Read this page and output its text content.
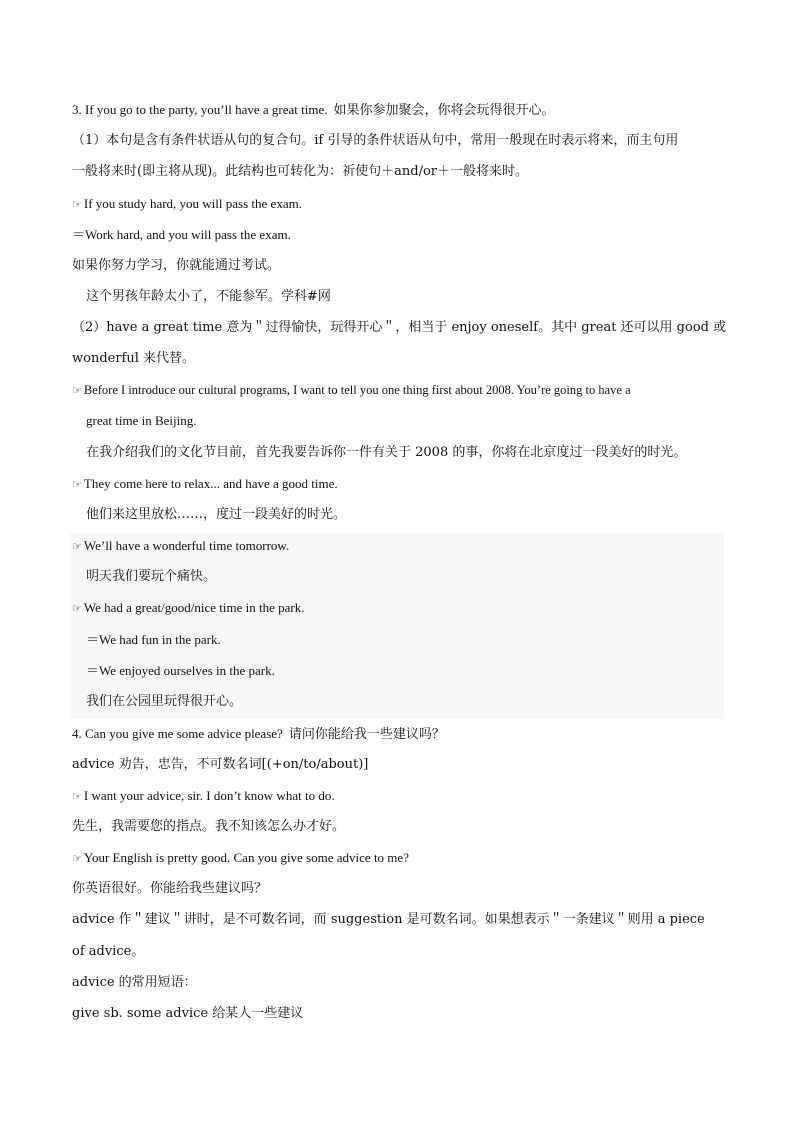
3. If you go to the party, you’ll have a great time. 如果你参加聚会，你将会玩得很开心。
（1）本句是含有条件状语从句的复合句。if 引导的条件状语从句中，常用一般现在时表示将来，而主句用
一般将来时(即主将从现)。此结构也可转化为：祈使句＋and/or＋一般将来时。
☞ If you study hard, you will pass the exam.
＝Work hard, and you will pass the exam.
如果你努力学习，你就能通过考试。
这个男孩年龄太小了，不能参军。学科#网
（2）have a great time 意为＂过得愉快，玩得开心＂，相当于 enjoy oneself。其中 great 还可以用 good 或
wonderful 来代替。
☞ Before I introduce our cultural programs, I want to tell you one thing first about 2008. You’re going to have a
great time in Beijing.
在我介绍我们的文化节目前，首先我要告诉你一件有关于 2008 的事，你将在北京度过一段美好的时光。
☞ They come here to relax... and have a good time.
他们来这里放松……，度过一段美好的时光。
☞ We’ll have a wonderful time tomorrow.
明天我们要玩个痛快。
☞ We had a great/good/nice time in the park.
＝We had fun in the park.
＝We enjoyed ourselves in the park.
我们在公园里玩得很开心。
4. Can you give me some advice please? 请问你能给我一些建议吗？
advice 劝告，忠告，不可数名词[(+on/to/about)]
☞ I want your advice, sir. I don’t know what to do.
先生，我需要您的指点。我不知该怎么办才好。
☞ Your English is pretty good. Can you give some advice to me?
你英语很好。你能给我些建议吗？
advice 作＂建议＂讲时，是不可数名词，而 suggestion 是可数名词。如果想表示＂一条建议＂则用 a piece
of advice。
advice 的常用短语：
give sb. some advice 给某人一些建议
